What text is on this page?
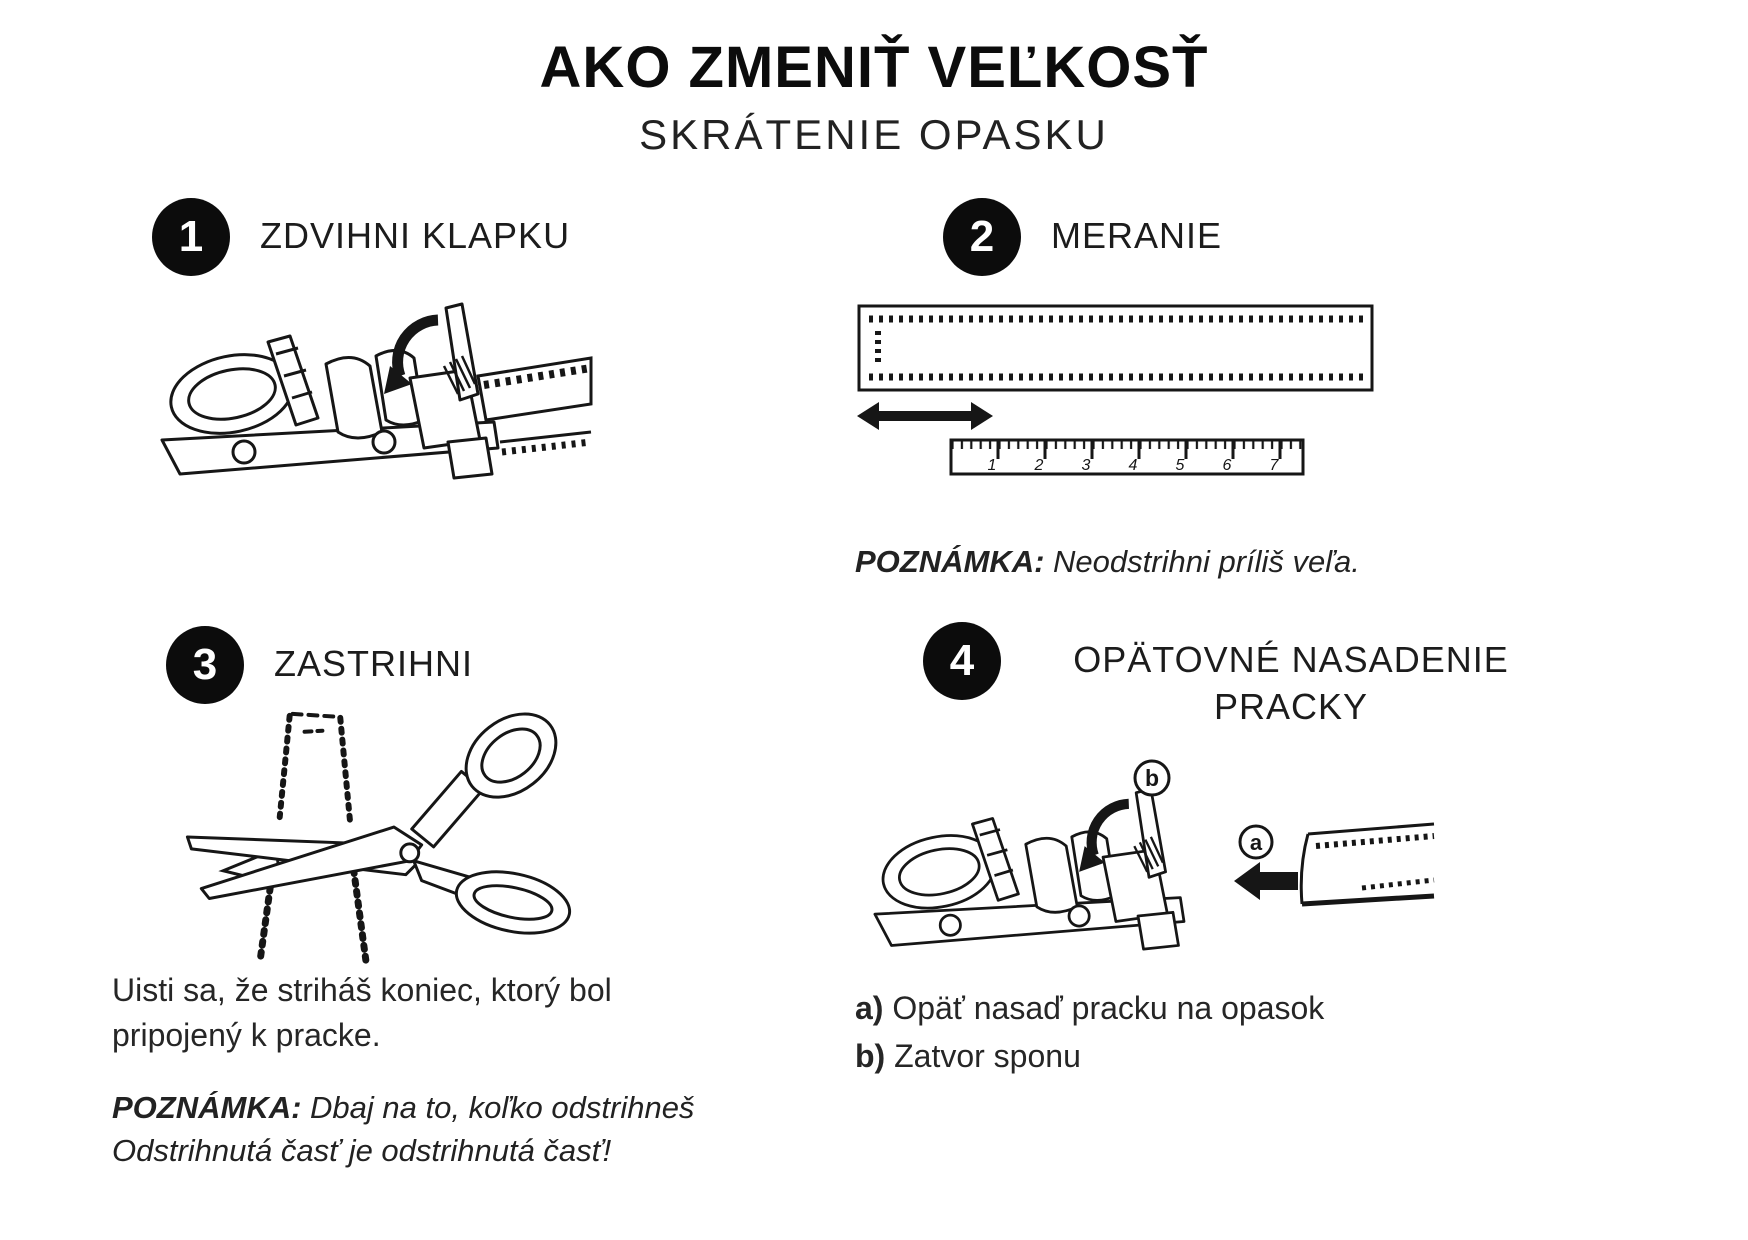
AKO ZMENIŤ VEĽKOSŤ
SKRÁTENIE OPASKU
1 ZDVIHNI KLAPKU	2 MERANIE
1 2 3 4 5 6 7
POZNÁMKA: Neodstrihni príliš veľa.
3 ZASTRIHNI
Uisti sa, že striháš koniec, ktorý bol pripojený k pracke.
POZNÁMKA: Dbaj na to, koľko odstrihneš Odstrihnutá časť je odstrihnutá časť!
4	OPÄTOVNÉ NASADENIE PRACKY
b
a
a) Opäť nasaď pracku na opasok
b) Zatvor sponu
